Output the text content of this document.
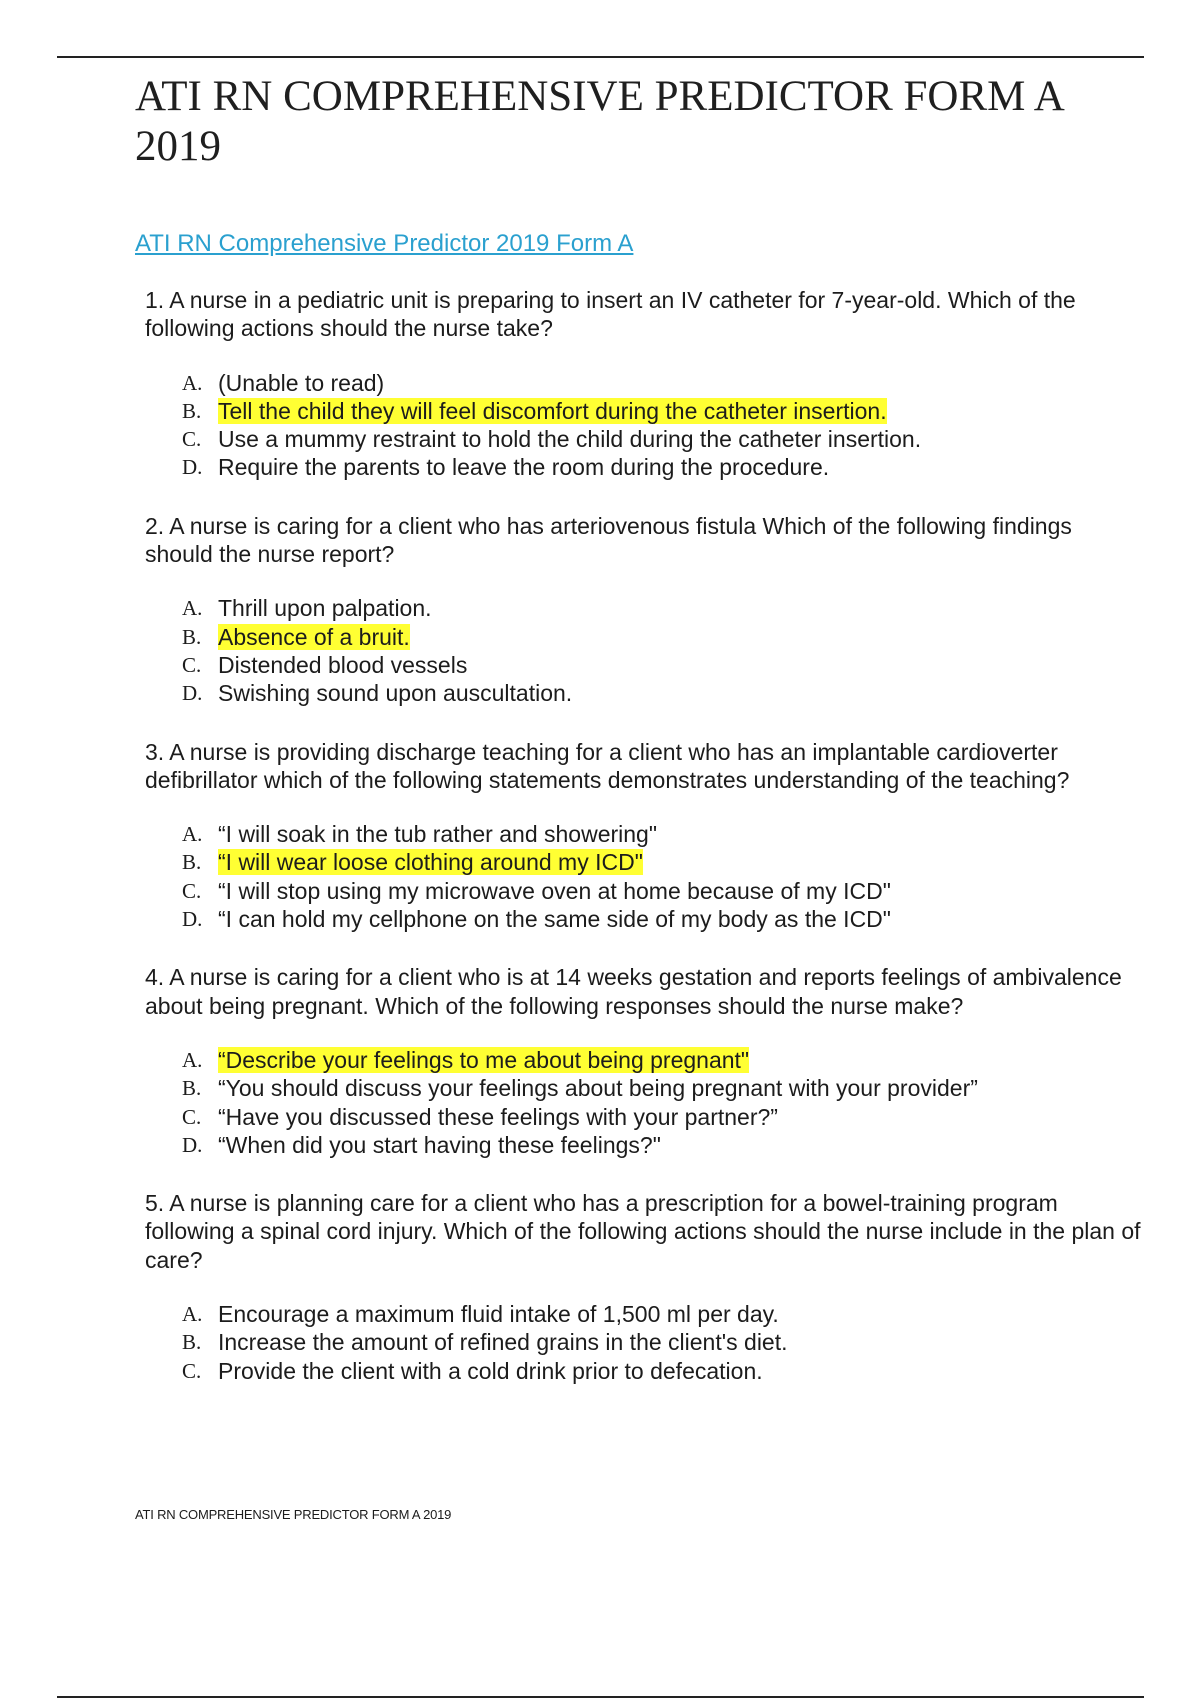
ATI RN COMPREHENSIVE PREDICTOR FORM A 2019
ATI RN Comprehensive Predictor 2019 Form A

1. A nurse in a pediatric unit is preparing to insert an IV catheter for 7-year-old. Which of the following actions should the nurse take?

A. (Unable to read)
B. Tell the child they will feel discomfort during the catheter insertion.
C. Use a mummy restraint to hold the child during the catheter insertion.
D. Require the parents to leave the room during the procedure.

2. A nurse is caring for a client who has arteriovenous fistula Which of the following findings should the nurse report?

A. Thrill upon palpation.
B. Absence of a bruit.
C. Distended blood vessels
D. Swishing sound upon auscultation.

3. A nurse is providing discharge teaching for a client who has an implantable cardioverter defibrillator which of the following statements demonstrates understanding of the teaching?

A. “I will soak in the tub rather and showering"
B. “I will wear loose clothing around my ICD"
C. “I will stop using my microwave oven at home because of my ICD"
D. “I can hold my cellphone on the same side of my body as the ICD"

4. A nurse is caring for a client who is at 14 weeks gestation and reports feelings of ambivalence about being pregnant. Which of the following responses should the nurse make?

A. “Describe your feelings to me about being pregnant"
B. “You should discuss your feelings about being pregnant with your provider”
C. “Have you discussed these feelings with your partner?”
D. “When did you start having these feelings?"

5. A nurse is planning care for a client who has a prescription for a bowel-training program following a spinal cord injury. Which of the following actions should the nurse include in the plan of care?

A. Encourage a maximum fluid intake of 1,500 ml per day.
B. Increase the amount of refined grains in the client's diet.
C. Provide the client with a cold drink prior to defecation.
ATI RN COMPREHENSIVE PREDICTOR FORM A 2019
